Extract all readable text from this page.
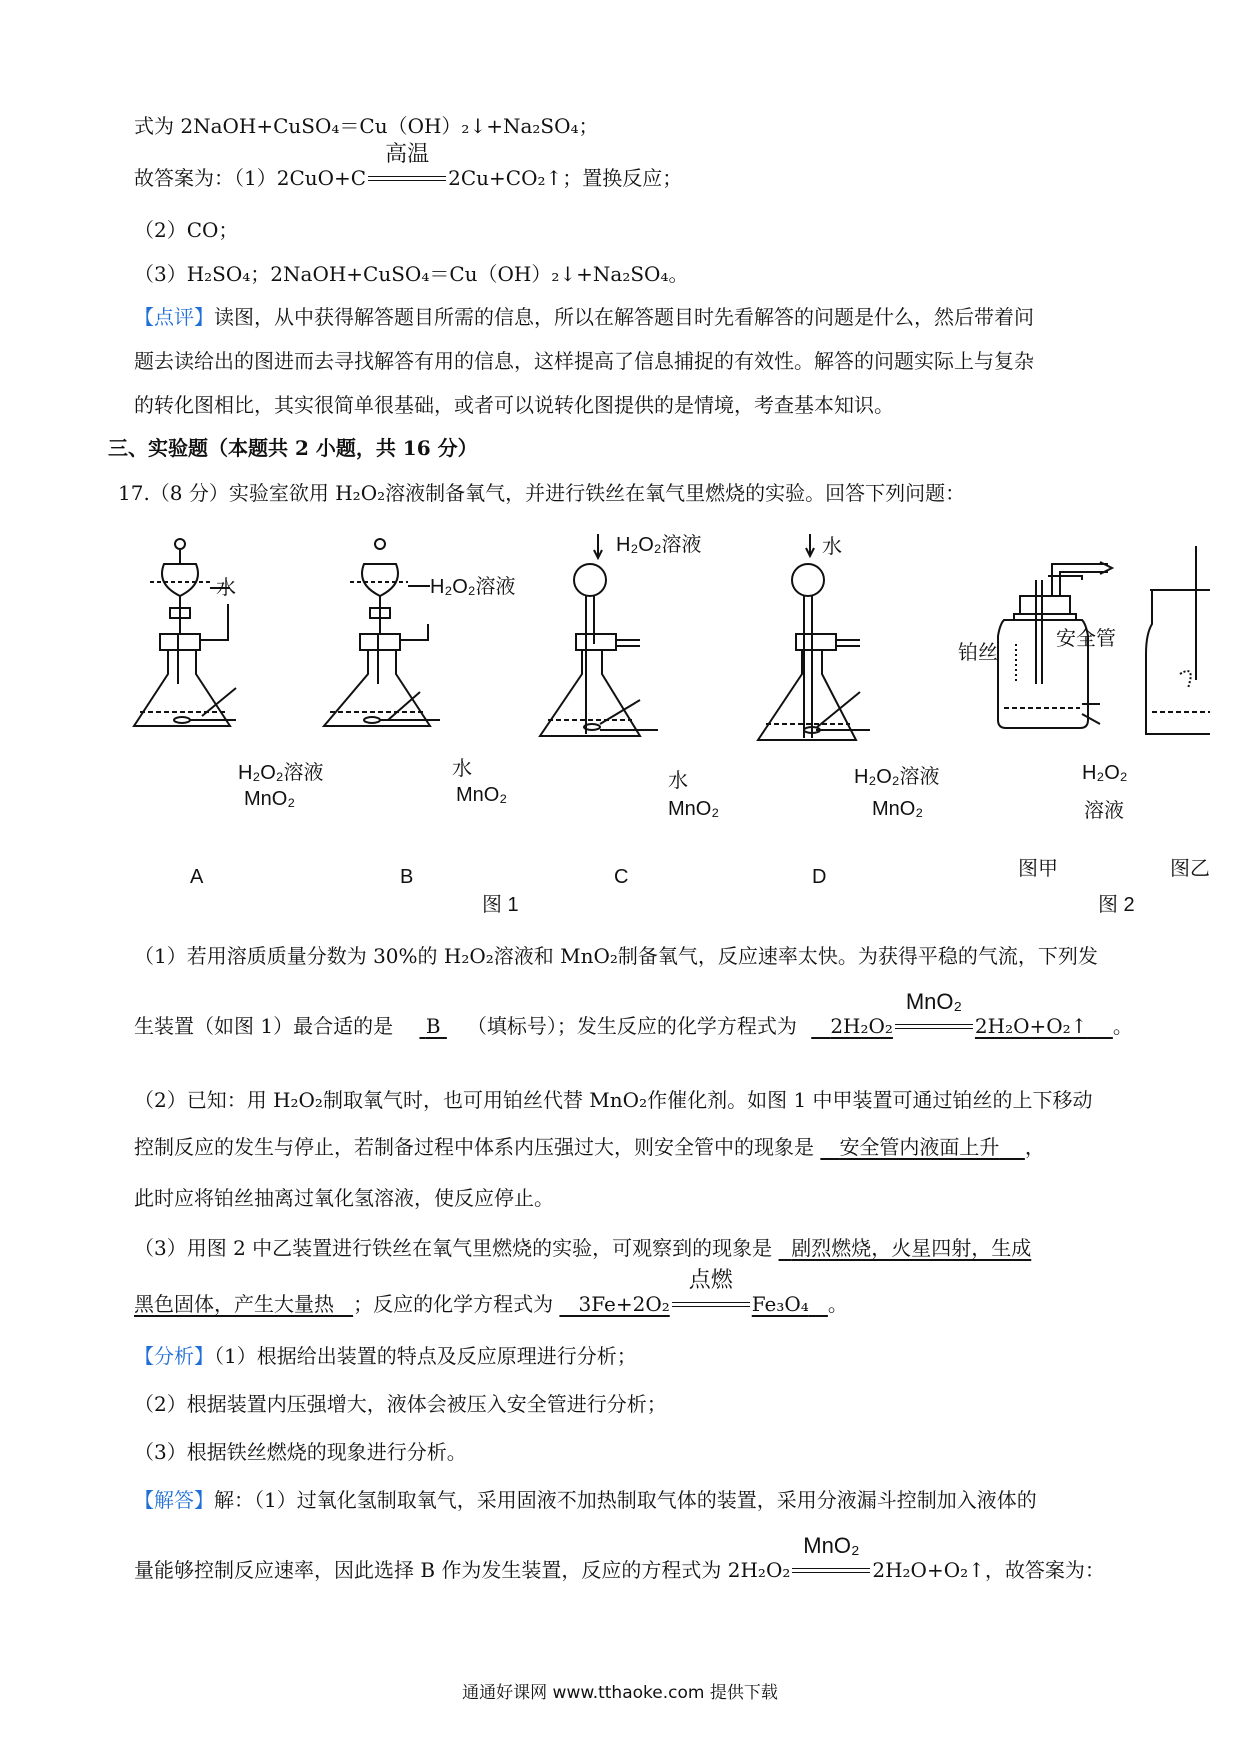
式为 2NaOH+CuSO₄＝Cu（OH）₂↓+Na₂SO₄；
故答案为：（1）2CuO+C
高温
2Cu+CO₂↑；置换反应；
（2）CO；
（3）H₂SO₄；2NaOH+CuSO₄＝Cu（OH）₂↓+Na₂SO₄。
【点评】读图，从中获得解答题目所需的信息，所以在解答题目时先看解答的问题是什么，然后带着问
题去读给出的图进而去寻找解答有用的信息，这样提高了信息捕捉的有效性。解答的问题实际上与复杂
的转化图相比，其实很简单很基础，或者可以说转化图提供的是情境，考查基本知识。
三、实验题（本题共 2 小题，共 16 分）
17.（8 分）实验室欲用 H₂O₂溶液制备氧气，并进行铁丝在氧气里燃烧的实验。回答下列问题：
水
H₂O₂溶液
MnO₂
H₂O₂溶液
水
MnO₂
H₂O₂溶液
水
MnO₂
水
H₂O₂溶液
MnO₂
铂丝
安全管
H₂O₂
溶液
A	B	C	D
图 1
图甲	图乙
图 2
（1）若用溶质质量分数为 30%的 H₂O₂溶液和 MnO₂制备氧气，反应速率太快。为获得平稳的气流，下列发
生装置（如图 1）最合适的是 B （填标号）；发生反应的化学方程式为 2H₂O₂
MnO₂
2H₂O+O₂↑ 。
（2）已知：用 H₂O₂制取氧气时，也可用铂丝代替 MnO₂作催化剂。如图 1 中甲装置可通过铂丝的上下移动
控制反应的发生与停止，若制备过程中体系内压强过大，则安全管中的现象是 安全管内液面上升 ，
此时应将铂丝抽离过氧化氢溶液，使反应停止。
（3）用图 2 中乙装置进行铁丝在氧气里燃烧的实验，可观察到的现象是 剧烈燃烧，火星四射，生成
黑色固体，产生大量热 ；反应的化学方程式为 3Fe+2O₂
点燃
Fe₃O₄ 。
【分析】（1）根据给出装置的特点及反应原理进行分析；
（2）根据装置内压强增大，液体会被压入安全管进行分析；
（3）根据铁丝燃烧的现象进行分析。
【解答】解：（1）过氧化氢制取氧气，采用固液不加热制取气体的装置，采用分液漏斗控制加入液体的
量能够控制反应速率，因此选择 B 作为发生装置，反应的方程式为 2H₂O₂
MnO₂
2H₂O+O₂↑，故答案为：
通通好课网 www.tthaoke.com 提供下载
